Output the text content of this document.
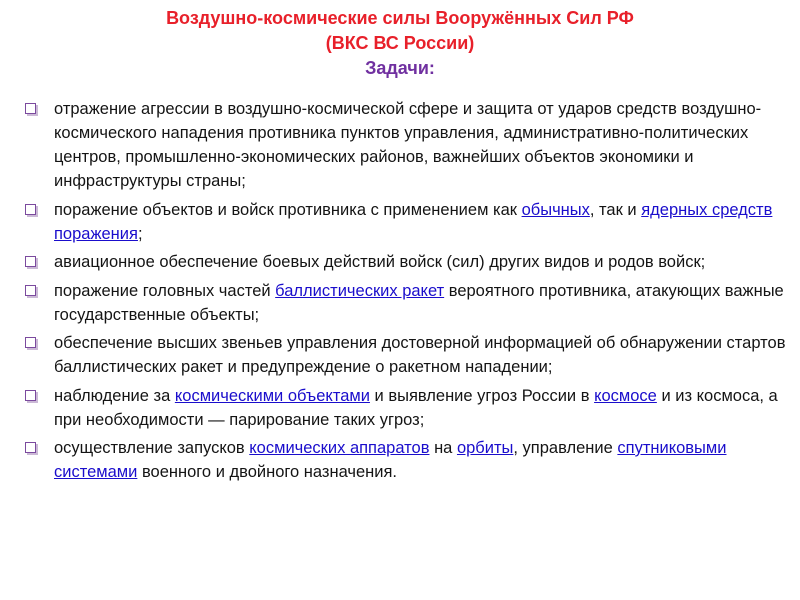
Воздушно-космические силы Вооружённых Сил РФ
(ВКС ВС России)
Задачи:
отражение агрессии в воздушно-космической сфере и защита от ударов средств воздушно-космического нападения противника пунктов управления, административно-политических центров, промышленно-экономических районов, важнейших объектов экономики и инфраструктуры страны;
поражение объектов и войск противника с применением как обычных, так и ядерных средств поражения;
авиационное обеспечение боевых действий войск (сил) других видов и родов войск;
поражение головных частей баллистических ракет вероятного противника, атакующих важные государственные объекты;
обеспечение высших звеньев управления достоверной информацией об обнаружении стартов баллистических ракет и предупреждение о ракетном нападении;
наблюдение за космическими объектами и выявление угроз России в космосе и из космоса, а при необходимости — парирование таких угроз;
осуществление запусков космических аппаратов на орбиты, управление спутниковыми системами военного и двойного назначения.
